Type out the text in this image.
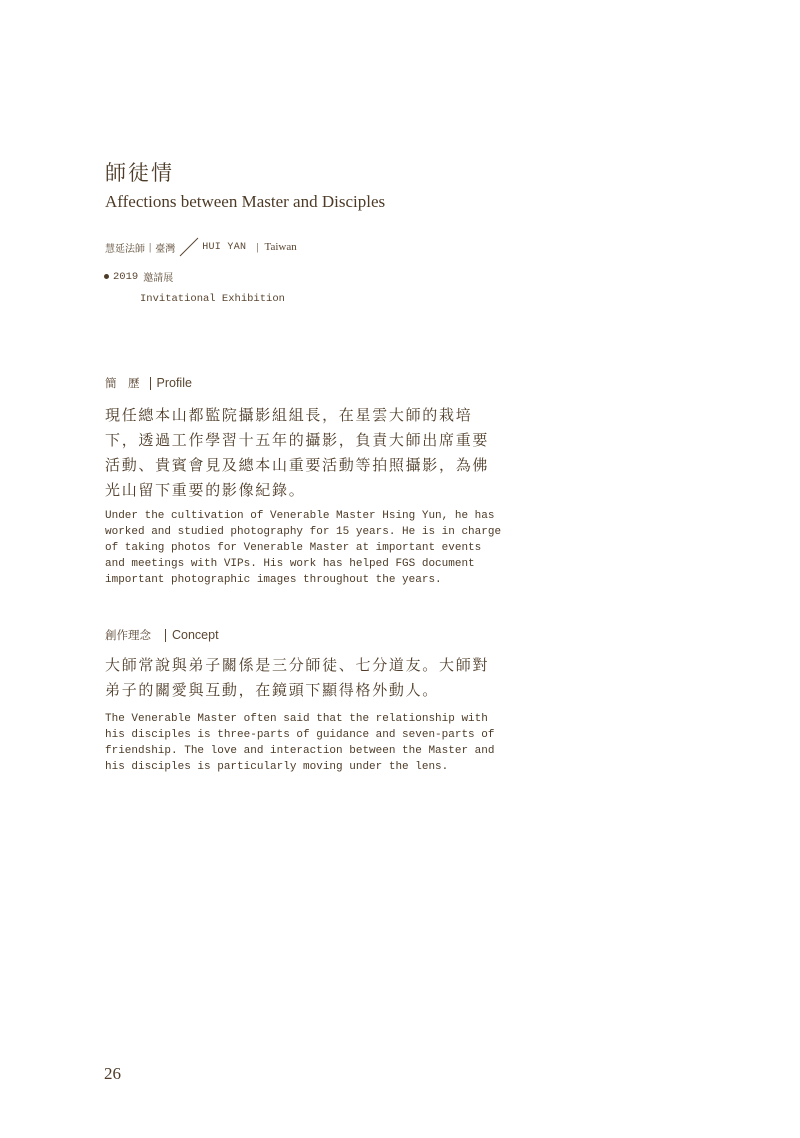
師徒情
Affections between Master and Disciples
慧延法師 | 臺灣	HUI YAN | Taiwan
2019 邀請展
Invitational Exhibition
簡　歷 Profile
現任總本山都監院攝影組組長，在星雲大師的栽培
下，透過工作學習十五年的攝影，負責大師出席重要
活動、貴賓會見及總本山重要活動等拍照攝影，為佛
光山留下重要的影像紀錄。
Under the cultivation of Venerable Master Hsing Yun, he has
worked and studied photography for 15 years. He is in charge
of taking photos for Venerable Master at important events
and meetings with VIPs. His work has helped FGS document
important photographic images throughout the years.
創作理念 Concept
大師常說與弟子關係是三分師徒、七分道友。大師對
弟子的關愛與互動，在鏡頭下顯得格外動人。
The Venerable Master often said that the relationship with
his disciples is three-parts of guidance and seven-parts of
friendship. The love and interaction between the Master and
his disciples is particularly moving under the lens.
26
